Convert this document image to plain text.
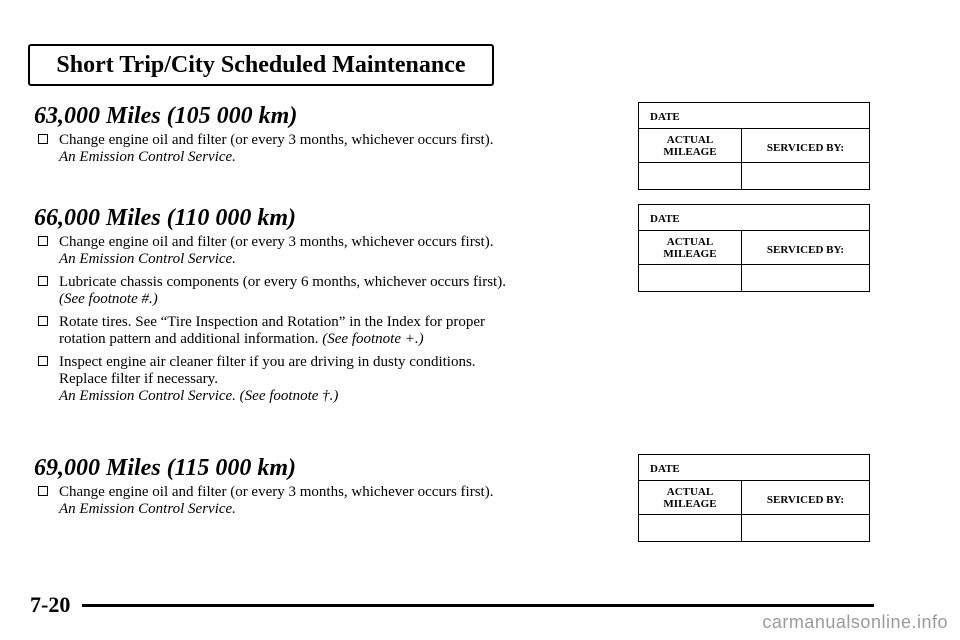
Short Trip/City Scheduled Maintenance
63,000 Miles (105 000 km)
Change engine oil and filter (or every 3 months, whichever occurs first).
An Emission Control Service.
66,000 Miles (110 000 km)
Change engine oil and filter (or every 3 months, whichever occurs first).
An Emission Control Service.
Lubricate chassis components (or every 6 months, whichever occurs first).
(See footnote #.)
Rotate tires. See “Tire Inspection and Rotation” in the Index for proper
rotation pattern and additional information. (See footnote +.)
Inspect engine air cleaner filter if you are driving in dusty conditions.
Replace filter if necessary.
An Emission Control Service. (See footnote †.)
69,000 Miles (115 000 km)
Change engine oil and filter (or every 3 months, whichever occurs first).
An Emission Control Service.
DATE
ACTUAL
MILEAGE	SERVICED BY:
DATE
ACTUAL
MILEAGE	SERVICED BY:
DATE
ACTUAL
MILEAGE	SERVICED BY:
7-20
carmanualsonline.info
